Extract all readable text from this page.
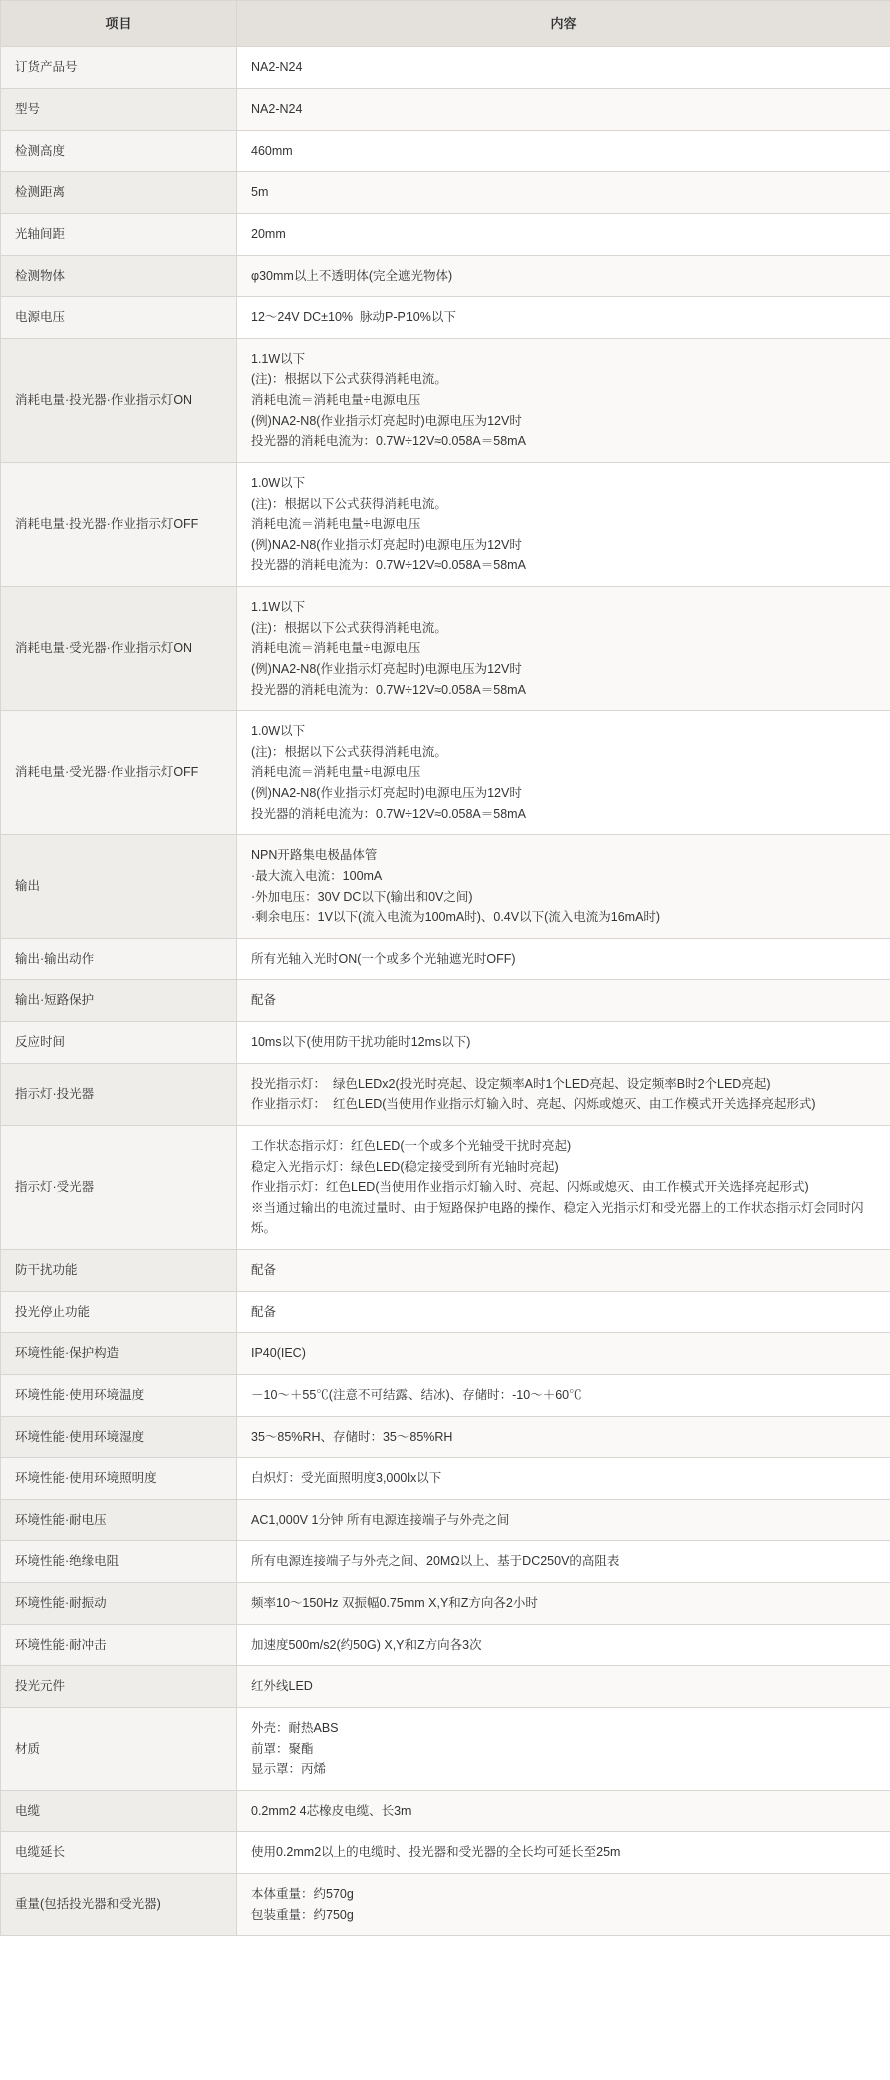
项目	内容
订货产品号	NA2-N24

型号	NA2-N24

检测高度	460mm

检测距离	5m

光轴间距	20mm

检测物体	φ30mm以上不透明体(完全遮光物体)

电源电压	12～24V DC±10%  脉动P-P10%以下

消耗电量·投光器·作业指示灯ON	1.1W以下
(注)：根据以下公式获得消耗电流。
消耗电流＝消耗电量÷电源电压
(例)NA2-N8(作业指示灯亮起时)电源电压为12V时
投光器的消耗电流为：0.7W÷12V≈0.058A＝58mA

消耗电量·投光器·作业指示灯OFF	1.0W以下
(注)：根据以下公式获得消耗电流。
消耗电流＝消耗电量÷电源电压
(例)NA2-N8(作业指示灯亮起时)电源电压为12V时
投光器的消耗电流为：0.7W÷12V≈0.058A＝58mA

消耗电量·受光器·作业指示灯ON	1.1W以下
(注)：根据以下公式获得消耗电流。
消耗电流＝消耗电量÷电源电压
(例)NA2-N8(作业指示灯亮起时)电源电压为12V时
投光器的消耗电流为：0.7W÷12V≈0.058A＝58mA

消耗电量·受光器·作业指示灯OFF	1.0W以下
(注)：根据以下公式获得消耗电流。
消耗电流＝消耗电量÷电源电压
(例)NA2-N8(作业指示灯亮起时)电源电压为12V时
投光器的消耗电流为：0.7W÷12V≈0.058A＝58mA

输出	NPN开路集电极晶体管
·最大流入电流：100mA
·外加电压：30V DC以下(输出和0V之间)
·剩余电压：1V以下(流入电流为100mA时)、0.4V以下(流入电流为16mA时)

输出·输出动作	所有光轴入光时ON(一个或多个光轴遮光时OFF)

输出·短路保护	配备

反应时间	10ms以下(使用防干扰功能时12ms以下)

指示灯·投光器	投光指示灯：  绿色LEDx2(投光时亮起、设定频率A时1个LED亮起、设定频率B时2个LED亮起)
作业指示灯：  红色LED(当使用作业指示灯输入时、亮起、闪烁或熄灭、由工作模式开关选择亮起形式)

指示灯·受光器	工作状态指示灯：红色LED(一个或多个光轴受干扰时亮起)
稳定入光指示灯：绿色LED(稳定接受到所有光轴时亮起)
作业指示灯：红色LED(当使用作业指示灯输入时、亮起、闪烁或熄灭、由工作模式开关选择亮起形式)
※当通过输出的电流过量时、由于短路保护电路的操作、稳定入光指示灯和受光器上的工作状态指示灯会同时闪烁。

防干扰功能	配备

投光停止功能	配备

环境性能·保护构造	IP40(IEC)

环境性能·使用环境温度	－10～＋55℃(注意不可结露、结冰)、存储时：-10～＋60℃

环境性能·使用环境湿度	35～85%RH、存储时：35～85%RH

环境性能·使用环境照明度	白炽灯：受光面照明度3,000lx以下

环境性能·耐电压	AC1,000V 1分钟 所有电源连接端子与外壳之间

环境性能·绝缘电阻	所有电源连接端子与外壳之间、20MΩ以上、基于DC250V的高阻表

环境性能·耐振动	频率10～150Hz 双振幅0.75mm X,Y和Z方向各2小时

环境性能·耐冲击	加速度500m/s2(约50G) X,Y和Z方向各3次

投光元件	红外线LED

材质	外壳：耐热ABS
前罩：聚酯
显示罩：丙烯

电缆	0.2mm2 4芯橡皮电缆、长3m

电缆延长	使用0.2mm2以上的电缆时、投光器和受光器的全长均可延长至25m

重量(包括投光器和受光器)	本体重量：约570g
包装重量：约750g
